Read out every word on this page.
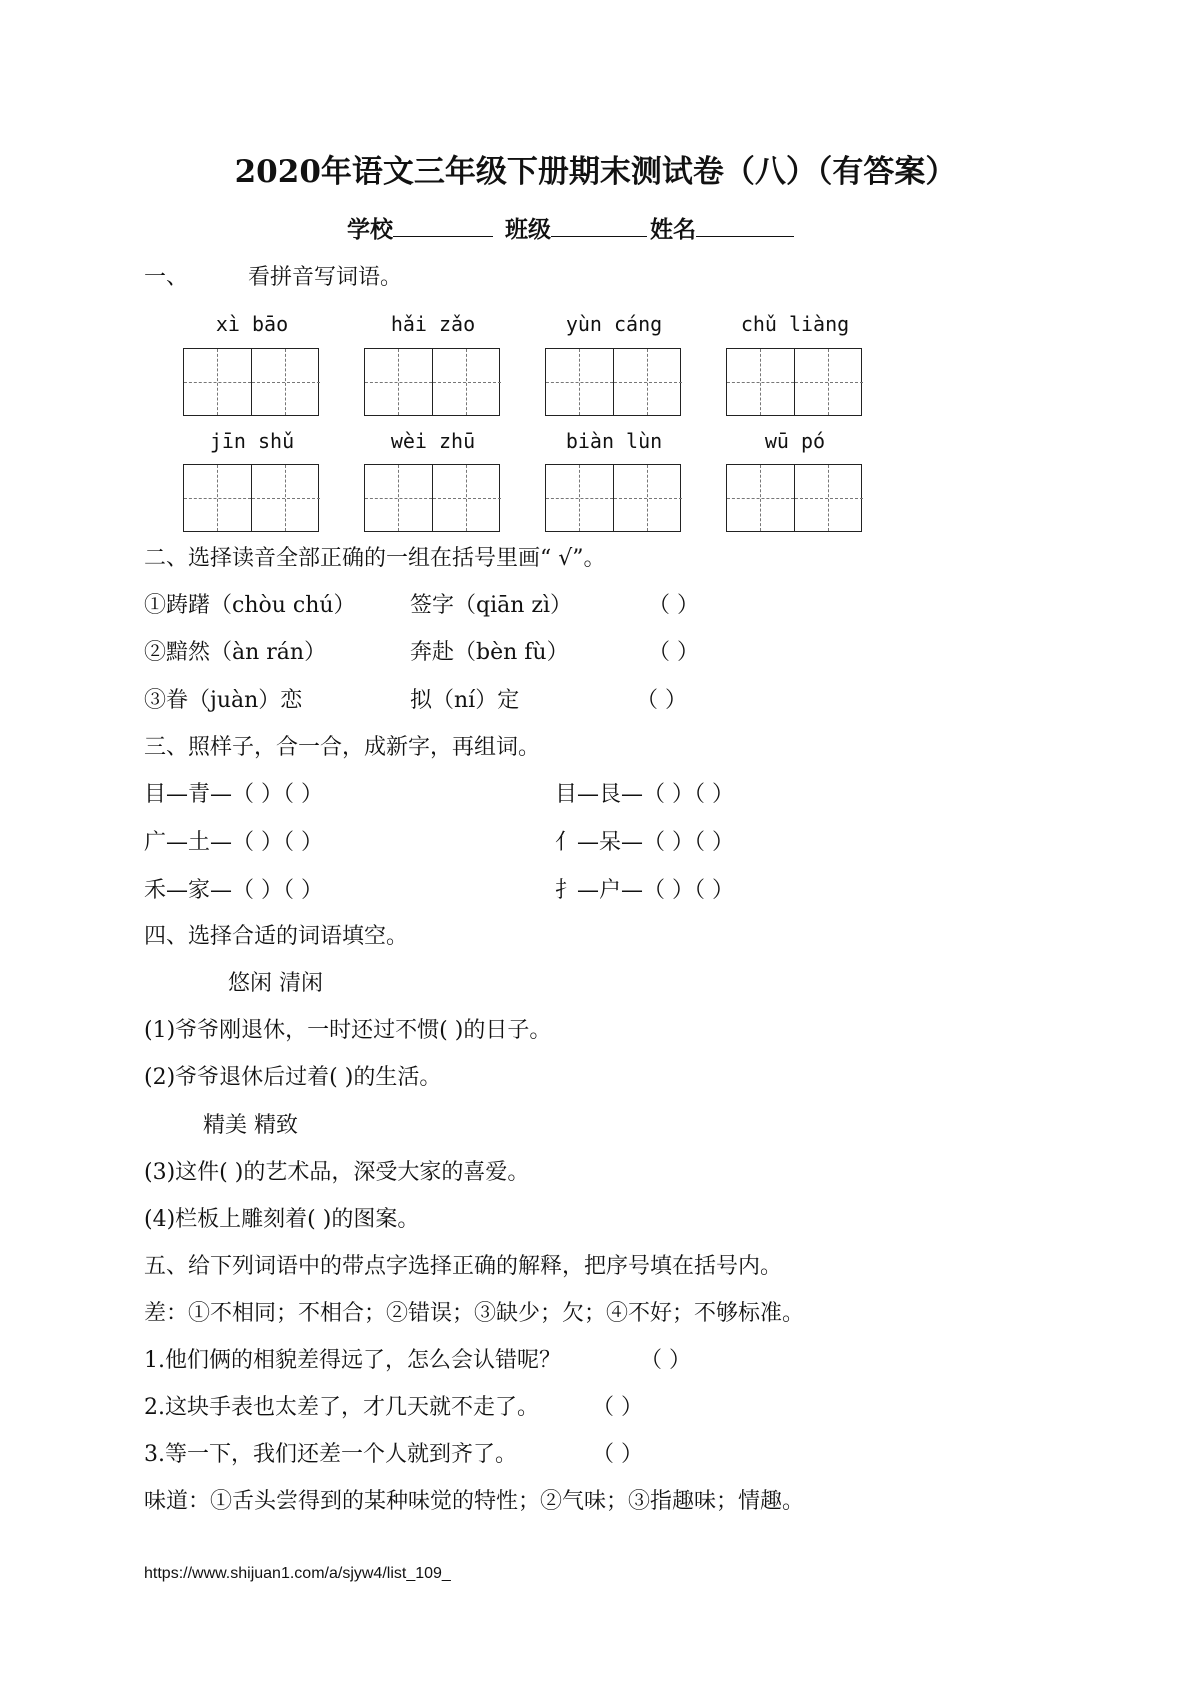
2020年语文三年级下册期末测试卷（八）（有答案）
学校	班级	姓名
一、	看拼音写词语。
xì bāo	hǎi zǎo	yùn cáng	chǔ liàng
jīn shǔ	wèi zhū	biàn lùn	wū pó
二、选择读音全部正确的一组在括号里画“ √”。
①踌躇（chòu chú） 签字（qiān zì）	（ ）
②黯然（àn rán）	奔赴（bèn fù）	（ ）
③眷（juàn）恋	拟（ní）定	（ ）
三、照样子，合一合，成新字，再组词。
目—青—（ ）（ ）	目—艮—（ ）（ ）
广—土—（ ）（ ）	亻—呆—（ ）（ ）
禾—家—（ ）（ ）	扌—户—（ ）（ ）
四、选择合适的词语填空。
悠闲 清闲
(1)爷爷刚退休，一时还过不惯( )的日子。
(2)爷爷退休后过着( )的生活。
精美 精致
(3)这件( )的艺术品，深受大家的喜爱。
(4)栏板上雕刻着( )的图案。
五、给下列词语中的带点字选择正确的解释，把序号填在括号内。
差：①不相同；不相合；②错误；③缺少；欠；④不好；不够标准。
1.他们俩的相貌差得远了，怎么会认错呢？	（ ）
2.这块手表也太差了，才几天就不走了。 （ ）
3.等一下，我们还差一个人就到齐了。	（ ）
味道：①舌头尝得到的某种味觉的特性；②气味；③指趣味；情趣。
https://www.shijuan1.com/a/sjyw4/list_109_
